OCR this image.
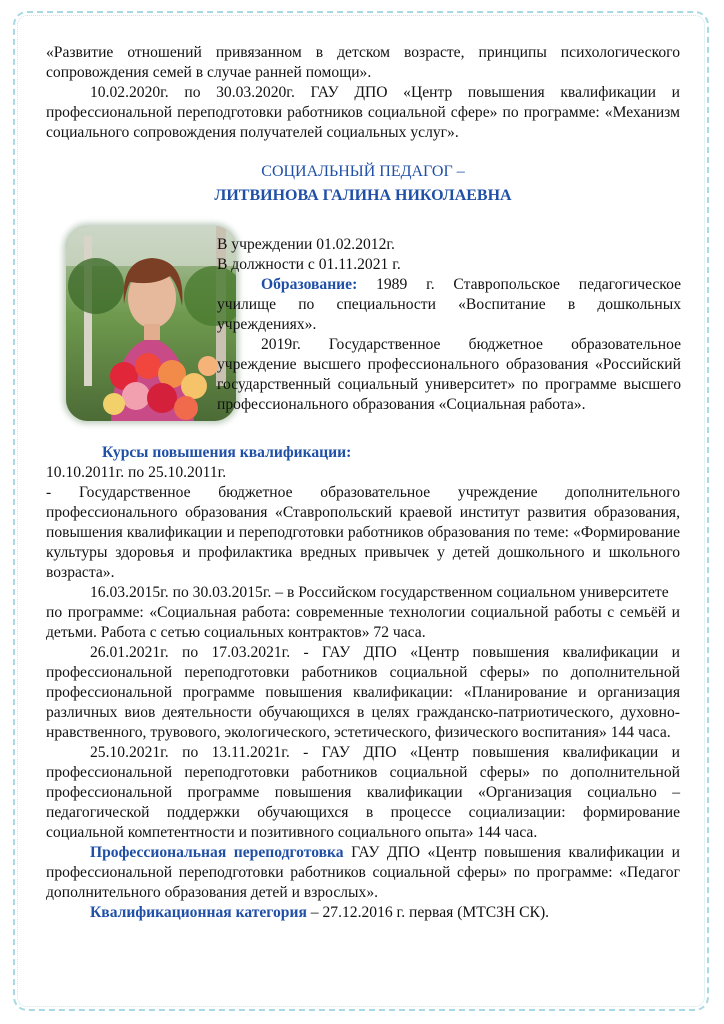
«Развитие отношений привязанном в детском возрасте, принципы психологического сопровождения семей в случае ранней помощи».

10.02.2020г. по 30.03.2020г. ГАУ ДПО «Центр повышения квалификации и профессиональной переподготовки работников социальной сфере» по программе: «Механизм социального сопровождения получателей социальных услуг».

СОЦИАЛЬНЫЙ ПЕДАГОГ –
ЛИТВИНОВА ГАЛИНА НИКОЛАЕВНА

В учреждении 01.02.2012г.

В должности с 01.11.2021 г.

Образование: 1989 г. Ставропольское педагогическое училище по специальности «Воспитание в дошкольных учреждениях».

2019г. Государственное бюджетное образовательное учреждение высшего профессионального образования «Российский государственный социальный университет» по программе высшего профессионального образования «Социальная работа».

Курсы повышения квалификации:

10.10.2011г. по 25.10.2011г.

- Государственное бюджетное образовательное учреждение дополнительного профессионального образования «Ставропольский краевой институт развития образования, повышения квалификации и переподготовки работников образования по теме: «Формирование культуры здоровья и профилактика вредных привычек у детей дошкольного и школьного возраста».

16.03.2015г. по 30.03.2015г. – в Российском государственном социальном университете

по программе: «Социальная работа: современные технологии социальной работы с семьёй и детьми. Работа с сетью социальных контрактов» 72 часа.

26.01.2021г. по 17.03.2021г. - ГАУ ДПО «Центр повышения квалификации и профессиональной переподготовки работников социальной сферы» по дополнительной профессиональной программе повышения квалификации: «Планирование и организация различных виов деятельности обучающихся в целях гражданско-патриотического, духовно-нравственного, трувового, экологического, эстетического, физического воспитания» 144 часа.

25.10.2021г. по 13.11.2021г. - ГАУ ДПО «Центр повышения квалификации и профессиональной переподготовки работников социальной сферы» по дополнительной профессиональной программе повышения квалификации «Организация социально – педагогической поддержки обучающихся в процессе социализации: формирование социальной компетентности и позитивного социального опыта» 144 часа.

Профессиональная переподготовка ГАУ ДПО «Центр повышения квалификации и профессиональной переподготовки работников социальной сферы» по программе: «Педагог дополнительного образования детей и взрослых».

Квалификационная категория – 27.12.2016 г. первая (МТСЗН СК).
